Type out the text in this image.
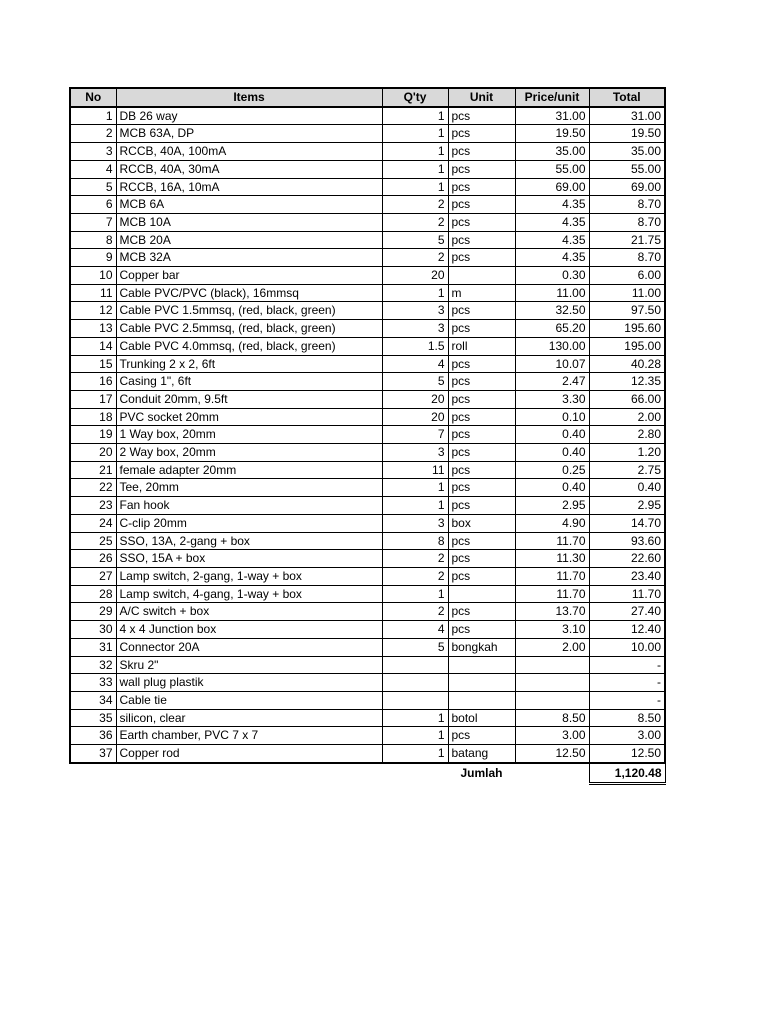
No	Items	Q'ty	Unit	Price/unit	Total
1	DB 26 way	1	pcs	31.00	31.00
2	MCB 63A, DP	1	pcs	19.50	19.50
3	RCCB, 40A, 100mA	1	pcs	35.00	35.00
4	RCCB, 40A, 30mA	1	pcs	55.00	55.00
5	RCCB, 16A, 10mA	1	pcs	69.00	69.00
6	MCB 6A	2	pcs	4.35	8.70
7	MCB 10A	2	pcs	4.35	8.70
8	MCB 20A	5	pcs	4.35	21.75
9	MCB 32A	2	pcs	4.35	8.70
10	Copper bar	20		0.30	6.00
11	Cable PVC/PVC (black), 16mmsq	1	m	11.00	11.00
12	Cable PVC 1.5mmsq, (red, black, green)	3	pcs	32.50	97.50
13	Cable PVC 2.5mmsq, (red, black, green)	3	pcs	65.20	195.60
14	Cable PVC 4.0mmsq, (red, black, green)	1.5	roll	130.00	195.00
15	Trunking 2 x 2, 6ft	4	pcs	10.07	40.28
16	Casing 1", 6ft	5	pcs	2.47	12.35
17	Conduit 20mm, 9.5ft	20	pcs	3.30	66.00
18	PVC socket 20mm	20	pcs	0.10	2.00
19	1 Way box, 20mm	7	pcs	0.40	2.80
20	2 Way box, 20mm	3	pcs	0.40	1.20
21	female adapter 20mm	11	pcs	0.25	2.75
22	Tee, 20mm	1	pcs	0.40	0.40
23	Fan hook	1	pcs	2.95	2.95
24	C-clip 20mm	3	box	4.90	14.70
25	SSO, 13A, 2-gang + box	8	pcs	11.70	93.60
26	SSO, 15A + box	2	pcs	11.30	22.60
27	Lamp switch, 2-gang, 1-way + box	2	pcs	11.70	23.40
28	Lamp switch, 4-gang, 1-way + box	1		11.70	11.70
29	A/C switch + box	2	pcs	13.70	27.40
30	4 x 4 Junction box	4	pcs	3.10	12.40
31	Connector 20A	5	bongkah	2.00	10.00
32	Skru 2"				-
33	wall plug plastik				-
34	Cable tie				-
35	silicon, clear	1	botol	8.50	8.50
36	Earth chamber, PVC 7 x 7	1	pcs	3.00	3.00
37	Copper rod	1	batang	12.50	12.50
			Jumlah		1,120.48
